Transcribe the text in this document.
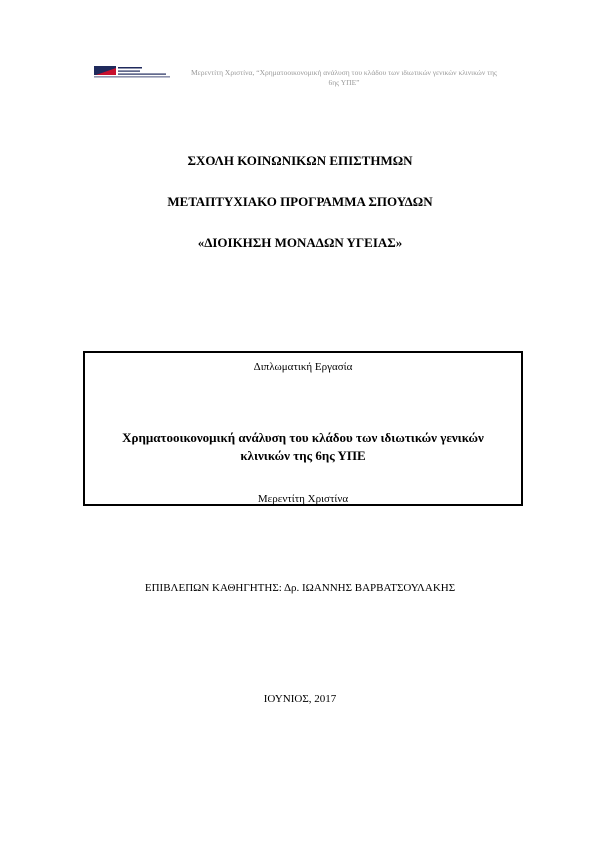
Μερεντίτη Χριστίνα, “Χρηματοοικονομική ανάλυση του κλάδου των ιδιωτικών γενικών κλινικών της
6ης ΥΠΕ”
ΣΧΟΛΗ ΚΟΙΝΩΝΙΚΩΝ ΕΠΙΣΤΗΜΩΝ
ΜΕΤΑΠΤΥΧΙΑΚΟ ΠΡΟΓΡΑΜΜΑ ΣΠΟΥΔΩΝ
«ΔΙΟΙΚΗΣΗ ΜΟΝΑΔΩΝ ΥΓΕΙΑΣ»
Διπλωματική Εργασία
Χρηματοοικονομική ανάλυση του κλάδου των ιδιωτικών γενικών
κλινικών της 6ης ΥΠΕ
Μερεντίτη Χριστίνα
ΕΠΙΒΛΕΠΩΝ ΚΑΘΗΓΗΤΗΣ: Δρ. ΙΩΑΝΝΗΣ ΒΑΡΒΑΤΣΟΥΛΑΚΗΣ
ΙΟΥΝΙΟΣ, 2017
